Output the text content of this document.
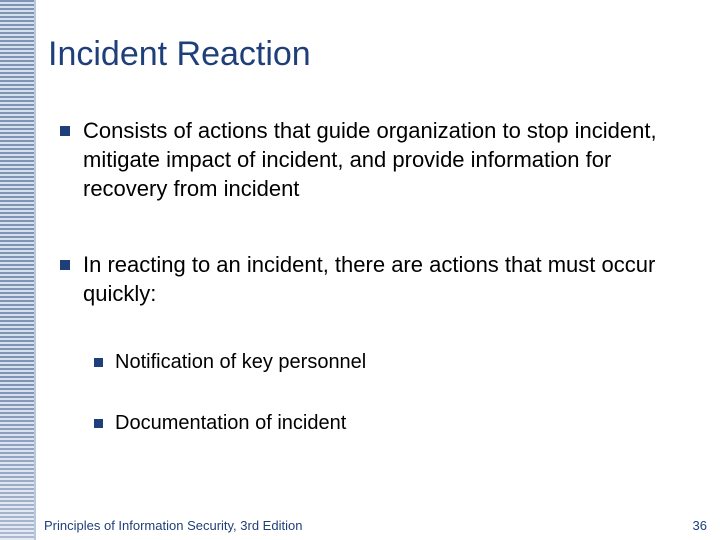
Incident Reaction
Consists of actions that guide organization to stop incident, mitigate impact of incident, and provide information for recovery from incident
In reacting to an incident, there are actions that must occur quickly:
Notification of key personnel
Documentation of incident
Principles of Information Security, 3rd Edition	36
